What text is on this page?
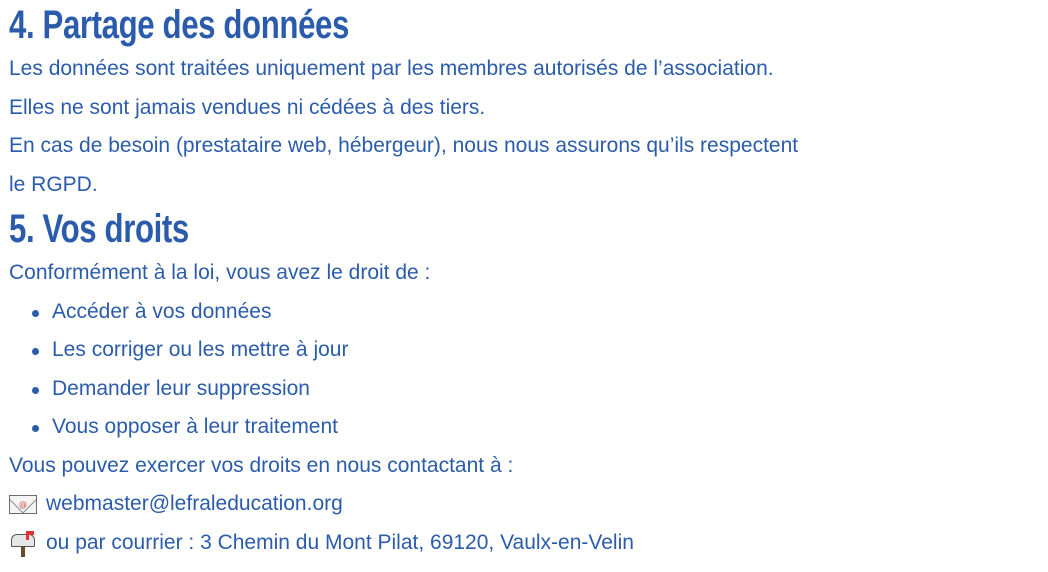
4. Partage des données

Les données sont traitées uniquement par les membres autorisés de l’association.

Elles ne sont jamais vendues ni cédées à des tiers.

En cas de besoin (prestataire web, hébergeur), nous nous assurons qu’ils respectent

le RGPD.

5. Vos droits

Conformément à la loi, vous avez le droit de :

Accéder à vos données
Les corriger ou les mettre à jour
Demander leur suppression
Vous opposer à leur traitement

Vous pouvez exercer vos droits en nous contactant à :

@
webmaster@lefraleducation.org
ou par courrier : 3 Chemin du Mont Pilat, 69120, Vaulx-en-Velin
